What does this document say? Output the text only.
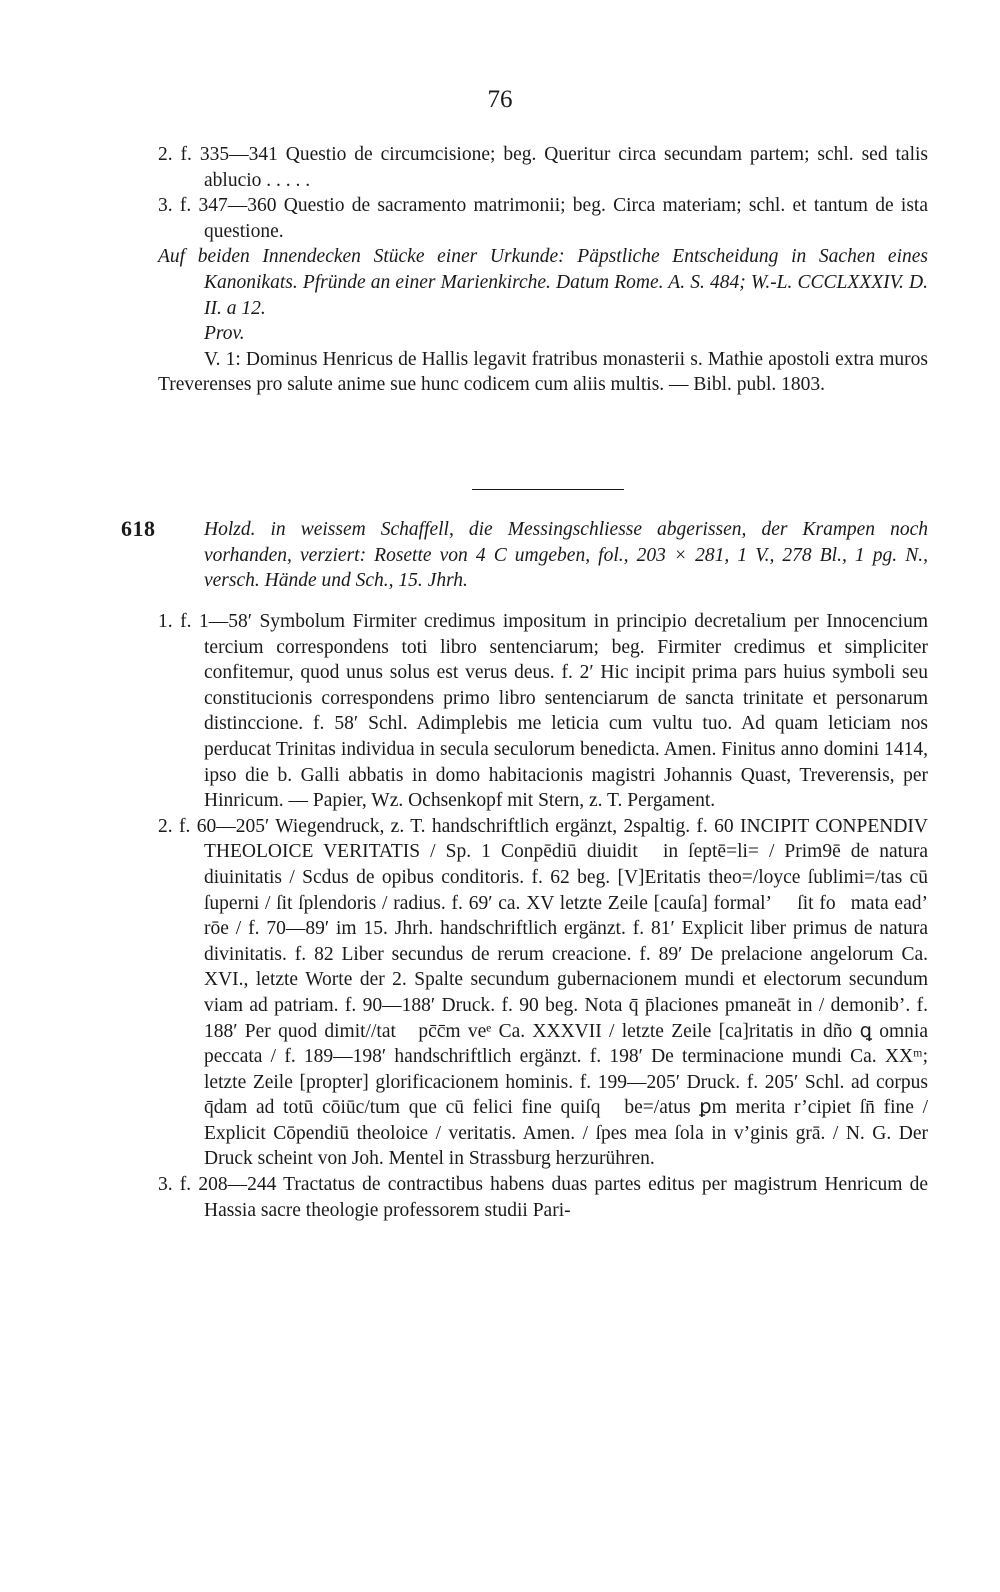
76

2. f. 335—341 Questio de circumcisione; beg. Queritur circa secundam partem; schl. sed talis ablucio . . . . .

3. f. 347—360 Questio de sacramento matrimonii; beg. Circa materiam; schl. et tantum de ista questione.

Auf beiden Innendecken Stücke einer Urkunde: Päpstliche Entscheidung in Sachen eines Kanonikats. Pfründe an einer Marienkirche. Datum Rome. A. S. 484; W.-L. CCCLXXXIV. D. II. a 12.

Prov.

V. 1: Dominus Henricus de Hallis legavit fratribus monasterii s. Mathie apostoli extra muros Treverenses pro salute anime sue hunc codicem cum aliis multis. — Bibl. publ. 1803.

618 Holzd. in weissem Schaffell, die Messingschliesse abgerissen, der Krampen noch vorhanden, verziert: Rosette von 4 C umgeben, fol., 203 × 281, 1 V., 278 Bl., 1 pg. N., versch. Hände und Sch., 15. Jhrh.

1. f. 1—58′ Symbolum Firmiter credimus impositum in principio decretalium per Innocencium tercium correspondens toti libro sentenciarum; beg. Firmiter credimus et simpliciter confitemur, quod unus solus est verus deus. f. 2′ Hic incipit prima pars huius symboli seu constitucionis correspondens primo libro sentenciarum de sancta trinitate et personarum distinccione. f. 58′ Schl. Adimplebis me leticia cum vultu tuo. Ad quam leticiam nos perducat Trinitas individua in secula seculorum benedicta. Amen. Finitus anno domini 1414, ipso die b. Galli abbatis in domo habitacionis magistri Johannis Quast, Treverensis, per Hinricum. — Papier, Wz. Ochsenkopf mit Stern, z. T. Pergament.

2. f. 60—205′ Wiegendruck, z. T. handschriftlich ergänzt, 2spaltig. f. 60 INCIPIT CONPENDIV THEOLOICE VERITATIS / Sp. 1 Conpēdiū diuidit᷒ in ſeptē=li= / Prim9ē de natura diuinitatis / Scdus de opibus conditoris. f. 62 beg. [V]Eritatis theo=/loyce ſublimi=/tas cū ſuperni / ſit ſplendoris / radius. f. 69′ ca. XV letzte Zeile [cauſa] formal’ ꝙ ſit foꝛmata ead’ rōe / f. 70—89′ im 15. Jhrh. handschriftlich ergänzt. f. 81′ Explicit liber primus de natura divinitatis. f. 82 Liber secundus de rerum creacione. f. 89′ De prelacione angelorum Ca. XVI., letzte Worte der 2. Spalte secundum gubernacionem mundi et electorum secundum viam ad patriam. f. 90—188′ Druck. f. 90 beg. Nota q̄ p̄laciones pmaneāt in / demonib’. f. 188′ Per quod dimit//tat᷒ pc̄c̄m veᵉ Ca. XXXVII / letzte Zeile [ca]ritatis in dño ꝗ omnia peccata / f. 189—198′ handschriftlich ergänzt. f. 198′ De terminacione mundi Ca. XXᵐ; letzte Zeile [propter] glorificacionem hominis. f. 199—205′ Druck. f. 205′ Schl. ad corpus q̄dam ad totū cōiūc/tum que cū felici fine quiſqꝫ be=/atus ꝑm merita r’cipiet ſn̄ fine / Explicit Cōpendiū theoloice / veritatis. Amen. / ſpes mea ſola in v’ginis grā. / N. G. Der Druck scheint von Joh. Mentel in Strassburg herzurühren.

3. f. 208—244 Tractatus de contractibus habens duas partes editus per magistrum Henricum de Hassia sacre theologie professorem studii Pari-
